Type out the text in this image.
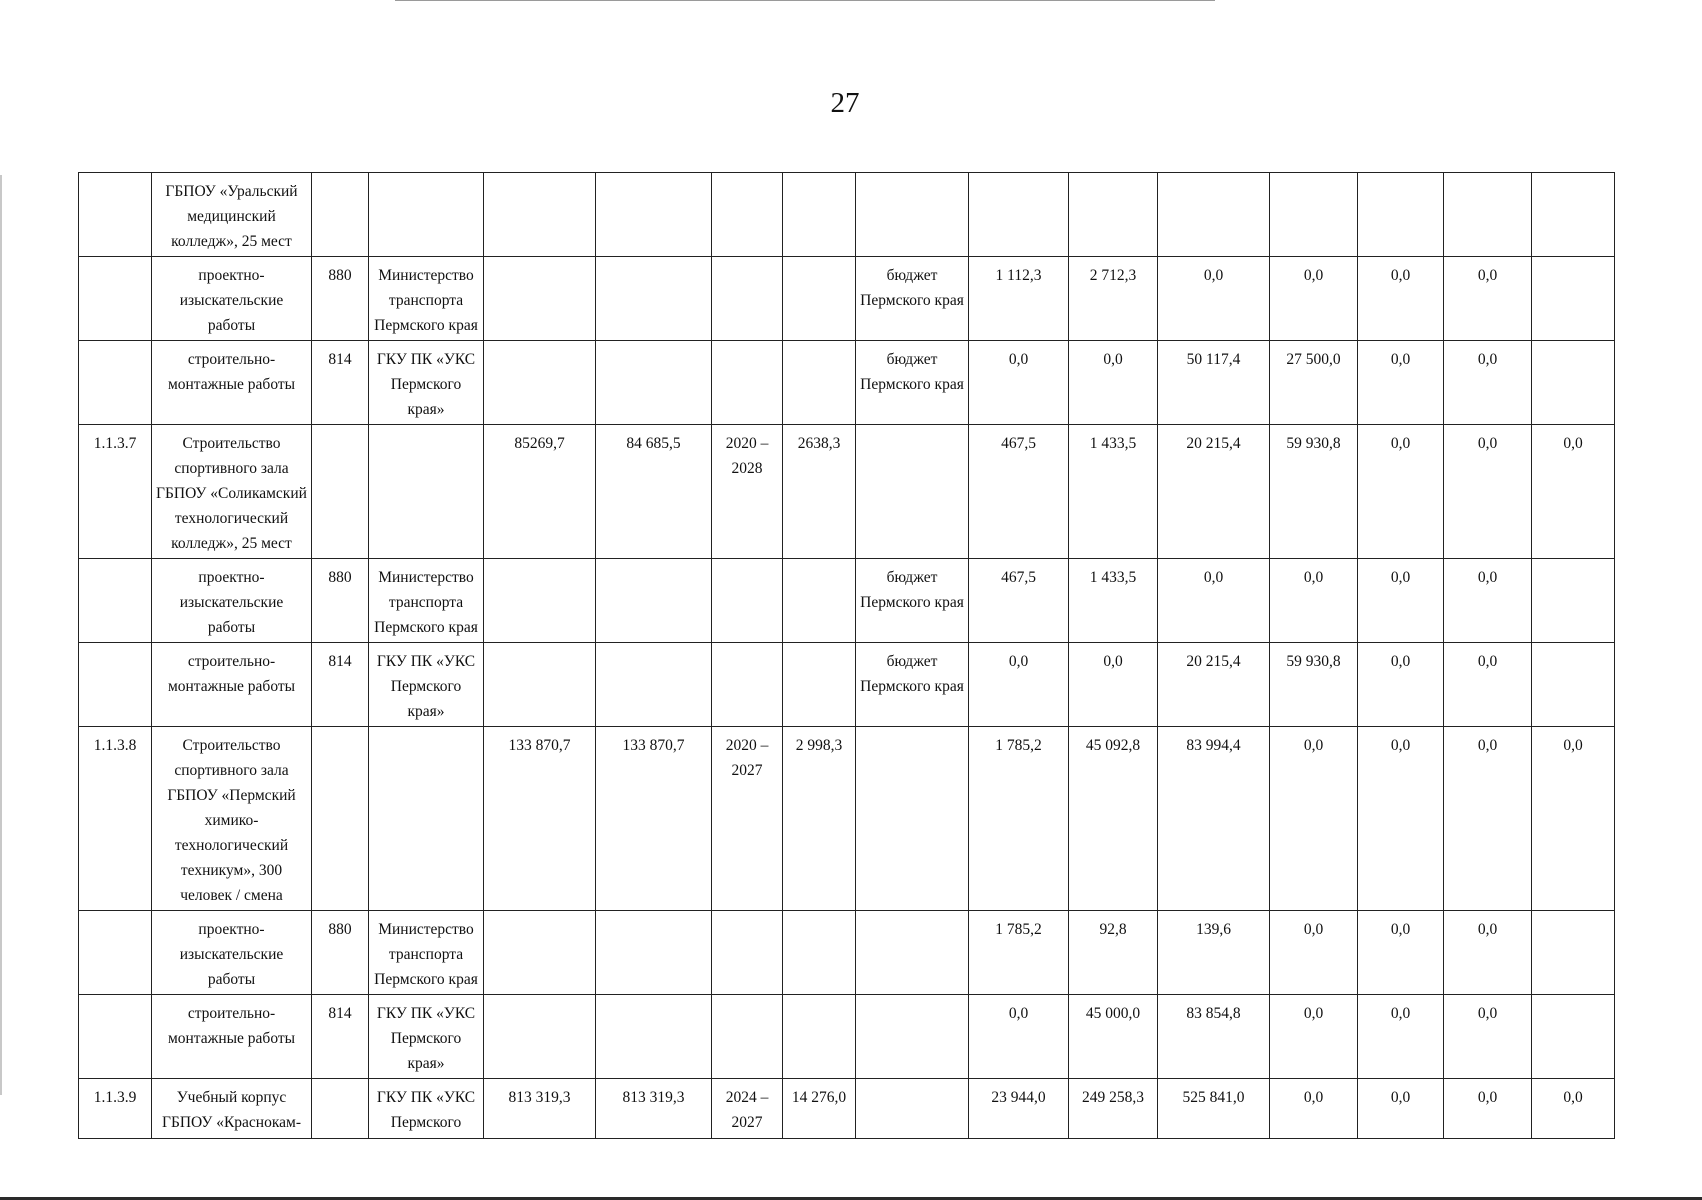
27
	ГБПОУ «Уральский медицинский колледж», 25 мест														
	проектно-изыскательские работы	880	Министерство транспорта Пермского края					бюджет Пермского края	1 112,3	2 712,3	0,0	0,0	0,0	0,0	
	строительно-монтажные работы	814	ГКУ ПК «УКС Пермского края»					бюджет Пермского края	0,0	0,0	50 117,4	27 500,0	0,0	0,0	
1.1.3.7	Строительство спортивного зала ГБПОУ «Соликамский технологический колледж», 25 мест			85269,7	84 685,5	2020 – 2028	2638,3		467,5	1 433,5	20 215,4	59 930,8	0,0	0,0	0,0
	проектно-изыскательские работы	880	Министерство транспорта Пермского края					бюджет Пермского края	467,5	1 433,5	0,0	0,0	0,0	0,0	
	строительно-монтажные работы	814	ГКУ ПК «УКС Пермского края»					бюджет Пермского края	0,0	0,0	20 215,4	59 930,8	0,0	0,0	
1.1.3.8	Строительство спортивного зала ГБПОУ «Пермский химико-технологический техникум», 300 человек / смена			133 870,7	133 870,7	2020 – 2027	2 998,3		1 785,2	45 092,8	83 994,4	0,0	0,0	0,0	0,0
	проектно-изыскательские работы	880	Министерство транспорта Пермского края						1 785,2	92,8	139,6	0,0	0,0	0,0	
	строительно-монтажные работы	814	ГКУ ПК «УКС Пермского края»						0,0	45 000,0	83 854,8	0,0	0,0	0,0	
1.1.3.9	Учебный корпус ГБПОУ «Краснокам-		ГКУ ПК «УКС Пермского	813 319,3	813 319,3	2024 – 2027	14 276,0		23 944,0	249 258,3	525 841,0	0,0	0,0	0,0	0,0
